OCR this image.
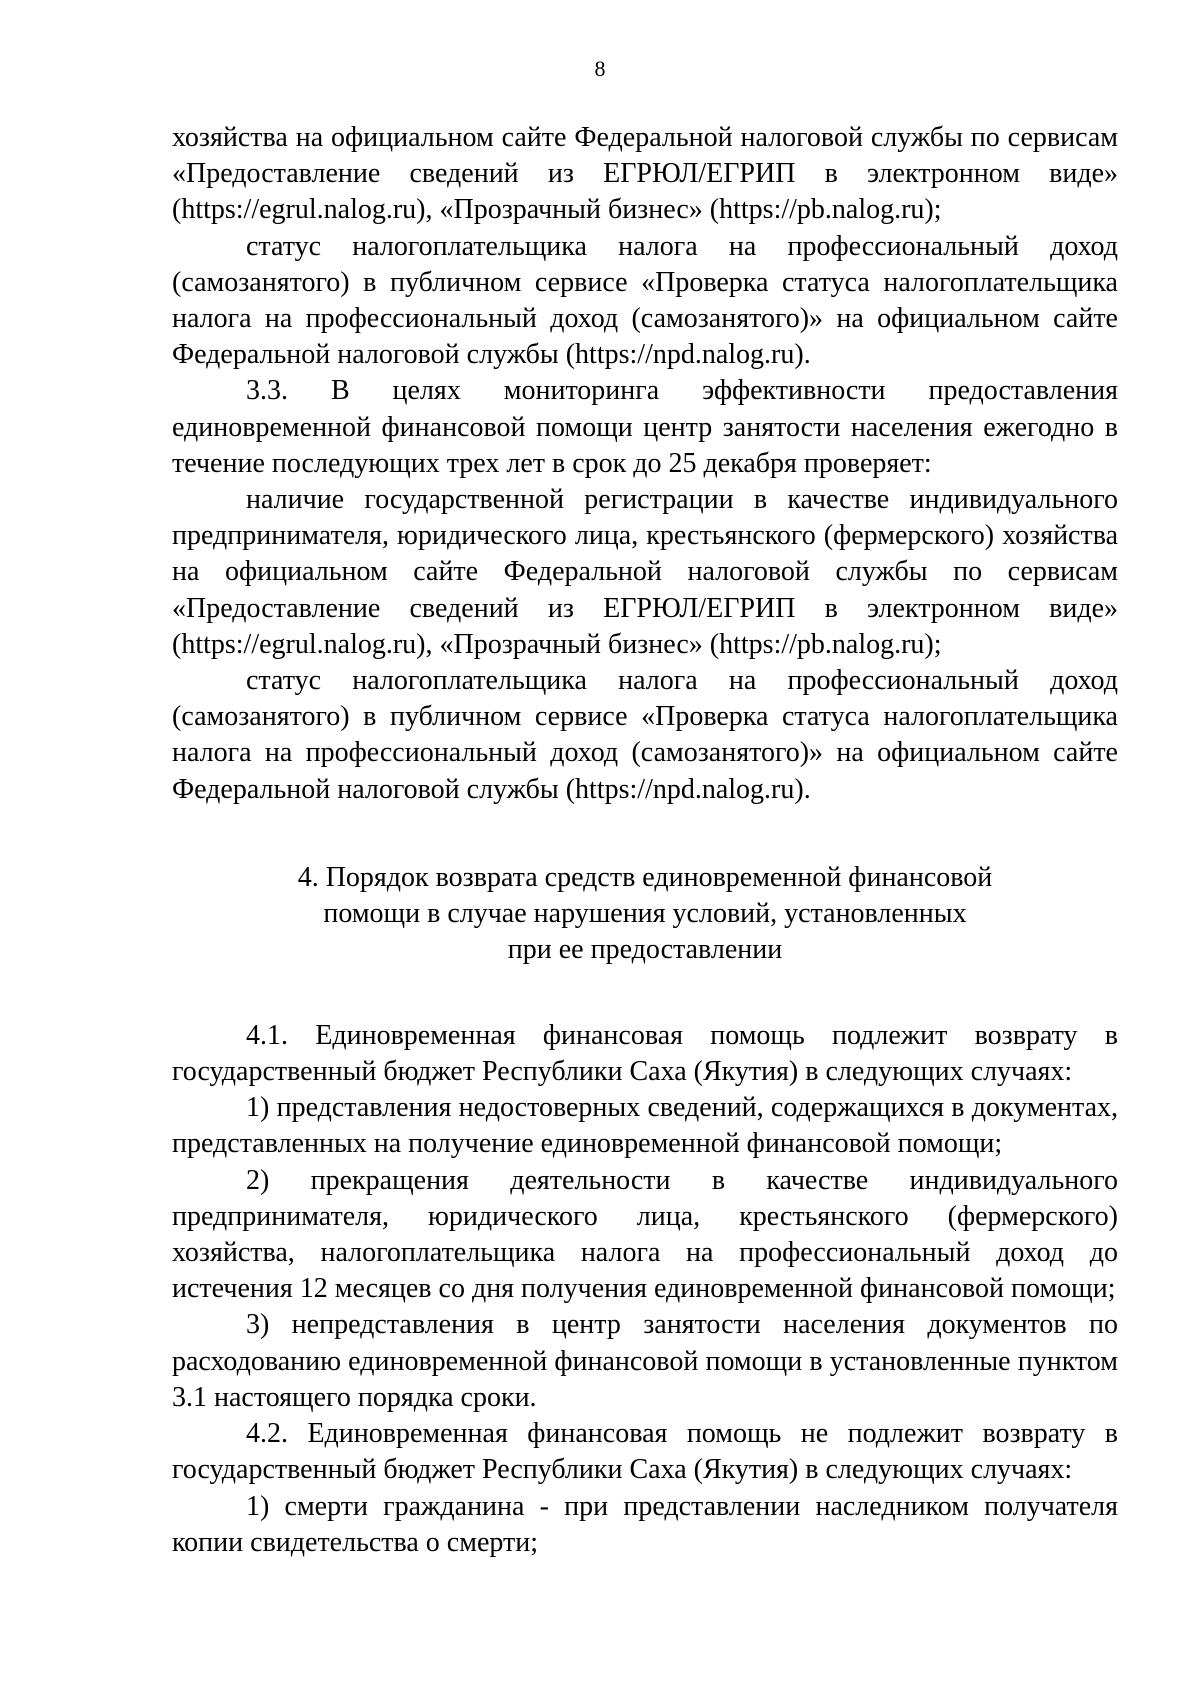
8

хозяйства на официальном сайте Федеральной налоговой службы по сервисам «Предоставление сведений из ЕГРЮЛ/ЕГРИП в электронном виде» (https://egrul.nalog.ru), «Прозрачный бизнес» (https://pb.nalog.ru);

статус налогоплательщика налога на профессиональный доход (самозанятого) в публичном сервисе «Проверка статуса налогоплательщика налога на профессиональный доход (самозанятого)» на официальном сайте Федеральной налоговой службы (https://npd.nalog.ru).

3.3. В целях мониторинга эффективности предоставления единовременной финансовой помощи центр занятости населения ежегодно в течение последующих трех лет в срок до 25 декабря проверяет:

наличие государственной регистрации в качестве индивидуального предпринимателя, юридического лица, крестьянского (фермерского) хозяйства на официальном сайте Федеральной налоговой службы по сервисам «Предоставление сведений из ЕГРЮЛ/ЕГРИП в электронном виде» (https://egrul.nalog.ru), «Прозрачный бизнес» (https://pb.nalog.ru);

статус налогоплательщика налога на профессиональный доход (самозанятого) в публичном сервисе «Проверка статуса налогоплательщика налога на профессиональный доход (самозанятого)» на официальном сайте Федеральной налоговой службы (https://npd.nalog.ru).

4. Порядок возврата средств единовременной финансовой
помощи в случае нарушения условий, установленных
при ее предоставлении

4.1. Единовременная финансовая помощь подлежит возврату в государственный бюджет Республики Саха (Якутия) в следующих случаях:

1) представления недостоверных сведений, содержащихся в документах, представленных на получение единовременной финансовой помощи;

2) прекращения деятельности в качестве индивидуального предпринимателя, юридического лица, крестьянского (фермерского) хозяйства, налогоплательщика налога на профессиональный доход до истечения 12 месяцев со дня получения единовременной финансовой помощи;

3) непредставления в центр занятости населения документов по расходованию единовременной финансовой помощи в установленные пунктом 3.1 настоящего порядка сроки.

4.2. Единовременная финансовая помощь не подлежит возврату в государственный бюджет Республики Саха (Якутия) в следующих случаях:

1) смерти гражданина - при представлении наследником получателя копии свидетельства о смерти;
